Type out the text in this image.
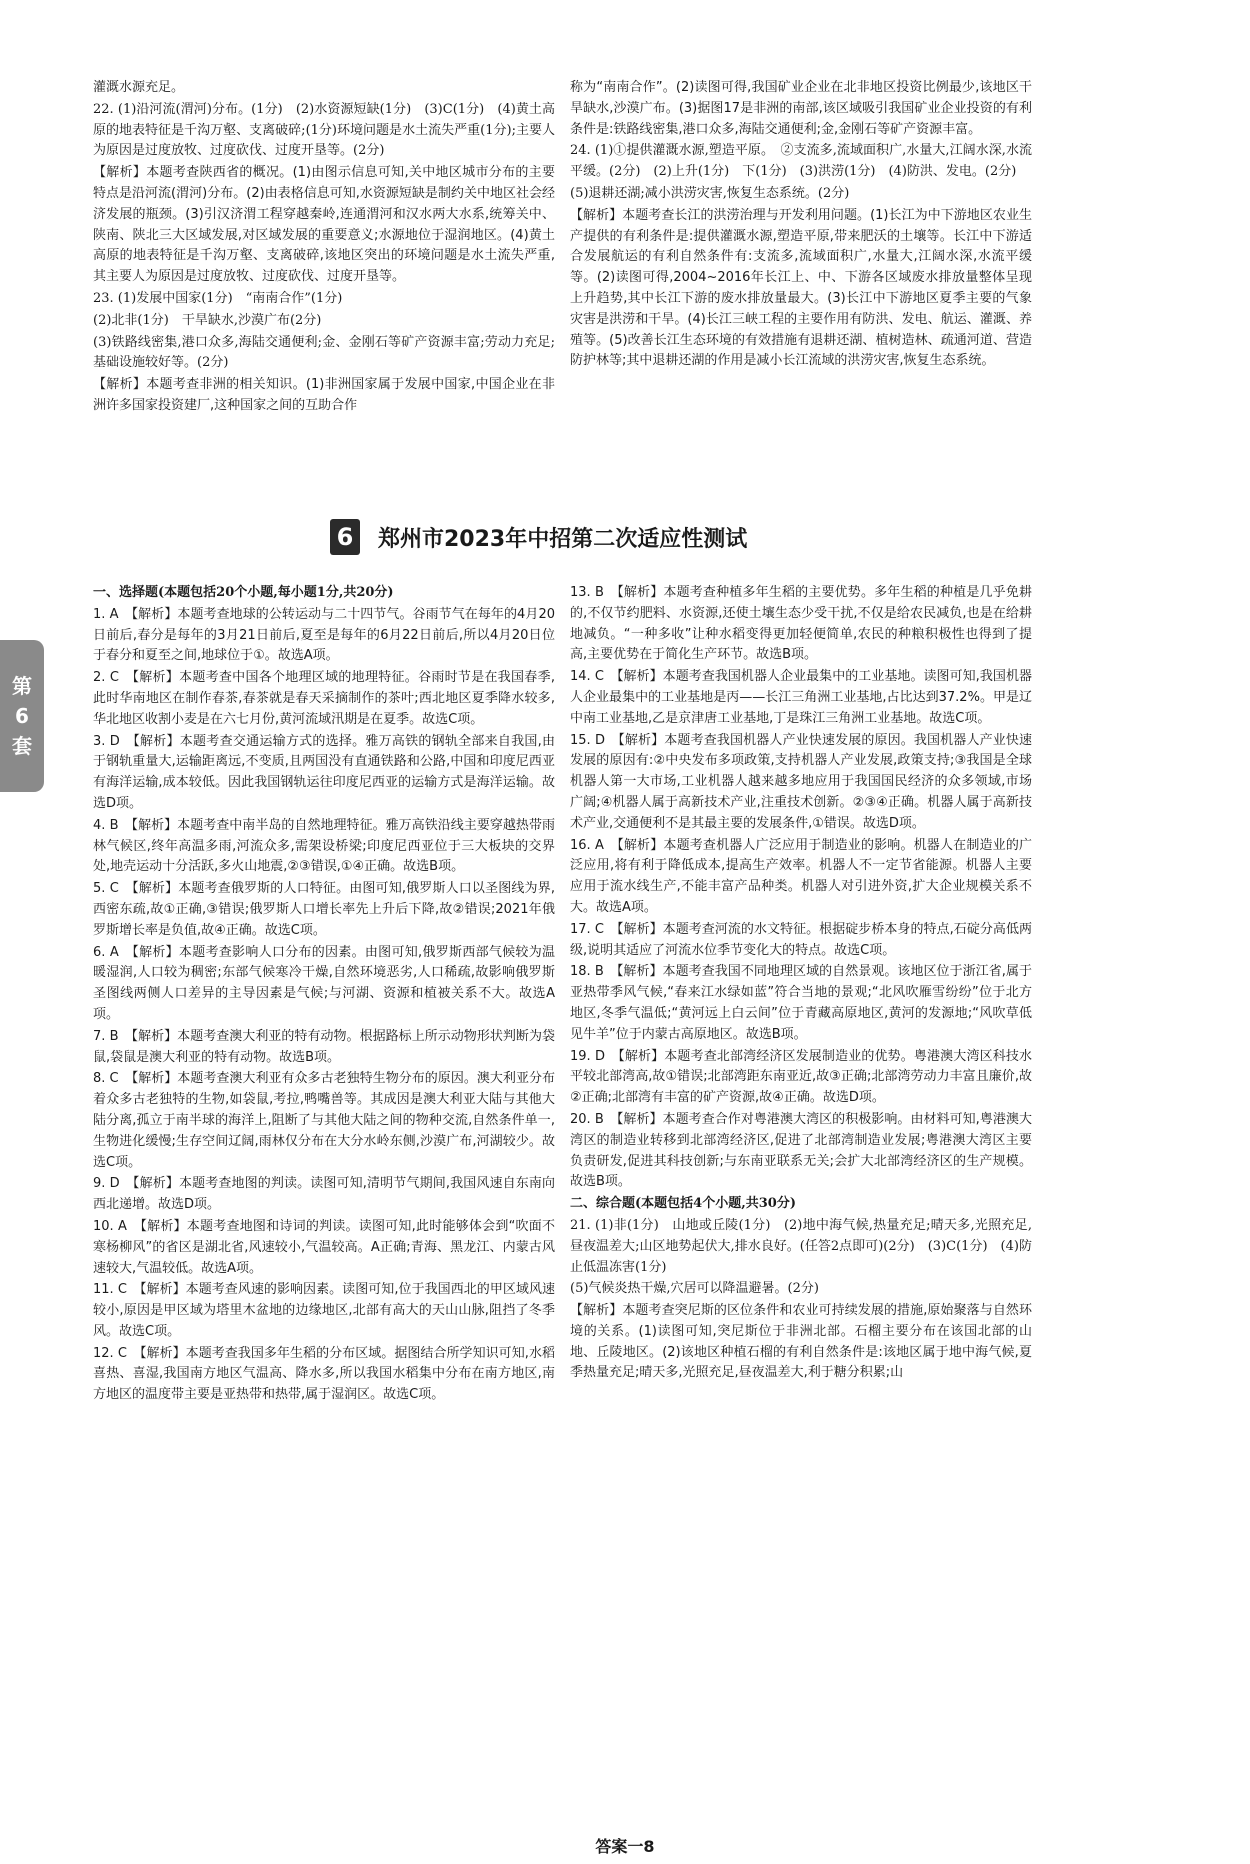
灌溉水源充足。

22. (1)沿河流(渭河)分布。(1分)　(2)水资源短缺(1分)　(3)C(1分)　(4)黄土高原的地表特征是千沟万壑、支离破碎;(1分)环境问题是水土流失严重(1分);主要人为原因是过度放牧、过度砍伐、过度开垦等。(2分)

【解析】本题考查陕西省的概况。(1)由图示信息可知,关中地区城市分布的主要特点是沿河流(渭河)分布。(2)由表格信息可知,水资源短缺是制约关中地区社会经济发展的瓶颈。(3)引汉济渭工程穿越秦岭,连通渭河和汉水两大水系,统筹关中、陕南、陕北三大区域发展,对区域发展的重要意义;水源地位于湿润地区。(4)黄土高原的地表特征是千沟万壑、支离破碎,该地区突出的环境问题是水土流失严重,其主要人为原因是过度放牧、过度砍伐、过度开垦等。

23. (1)发展中国家(1分)　“南南合作”(1分)

(2)北非(1分)　干旱缺水,沙漠广布(2分)

(3)铁路线密集,港口众多,海陆交通便利;金、金刚石等矿产资源丰富;劳动力充足;基础设施较好等。(2分)

【解析】本题考查非洲的相关知识。(1)非洲国家属于发展中国家,中国企业在非洲许多国家投资建厂,这种国家之间的互助合作

称为“南南合作”。(2)读图可得,我国矿业企业在北非地区投资比例最少,该地区干旱缺水,沙漠广布。(3)据图17是非洲的南部,该区域吸引我国矿业企业投资的有利条件是:铁路线密集,港口众多,海陆交通便利;金,金刚石等矿产资源丰富。

24. (1)①提供灌溉水源,塑造平原。　②支流多,流域面积广,水量大,江阔水深,水流平缓。(2分)　(2)上升(1分)　下(1分)　(3)洪涝(1分)　(4)防洪、发电。(2分)

(5)退耕还湖;减小洪涝灾害,恢复生态系统。(2分)

【解析】本题考查长江的洪涝治理与开发利用问题。(1)长江为中下游地区农业生产提供的有利条件是:提供灌溉水源,塑造平原,带来肥沃的土壤等。长江中下游适合发展航运的有利自然条件有:支流多,流域面积广,水量大,江阔水深,水流平缓等。(2)读图可得,2004~2016年长江上、中、下游各区域废水排放量整体呈现上升趋势,其中长江下游的废水排放量最大。(3)长江中下游地区夏季主要的气象灾害是洪涝和干旱。(4)长江三峡工程的主要作用有防洪、发电、航运、灌溉、养殖等。(5)改善长江生态环境的有效措施有退耕还湖、植树造林、疏通河道、营造防护林等;其中退耕还湖的作用是减小长江流域的洪涝灾害,恢复生态系统。

6	郑州市2023年中招第二次适应性测试
第
6
套

一、选择题(本题包括20个小题,每小题1分,共20分)

1. A　【解析】本题考查地球的公转运动与二十四节气。谷雨节气在每年的4月20日前后,春分是每年的3月21日前后,夏至是每年的6月22日前后,所以4月20日位于春分和夏至之间,地球位于①。故选A项。

2. C　【解析】本题考查中国各个地理区域的地理特征。谷雨时节是在我国春季,此时华南地区在制作春茶,春茶就是春天采摘制作的茶叶;西北地区夏季降水较多,华北地区收割小麦是在六七月份,黄河流域汛期是在夏季。故选C项。

3. D　【解析】本题考查交通运输方式的选择。雅万高铁的钢轨全部来自我国,由于钢轨重量大,运输距离远,不变质,且两国没有直通铁路和公路,中国和印度尼西亚有海洋运输,成本较低。因此我国钢轨运往印度尼西亚的运输方式是海洋运输。故选D项。

4. B　【解析】本题考查中南半岛的自然地理特征。雅万高铁沿线主要穿越热带雨林气候区,终年高温多雨,河流众多,需架设桥梁;印度尼西亚位于三大板块的交界处,地壳运动十分活跃,多火山地震,②③错误,①④正确。故选B项。

5. C　【解析】本题考查俄罗斯的人口特征。由图可知,俄罗斯人口以圣图线为界,西密东疏,故①正确,③错误;俄罗斯人口增长率先上升后下降,故②错误;2021年俄罗斯增长率是负值,故④正确。故选C项。

6. A　【解析】本题考查影响人口分布的因素。由图可知,俄罗斯西部气候较为温暖湿润,人口较为稠密;东部气候寒冷干燥,自然环境恶劣,人口稀疏,故影响俄罗斯圣图线两侧人口差异的主导因素是气候;与河湖、资源和植被关系不大。故选A项。

7. B　【解析】本题考查澳大利亚的特有动物。根据路标上所示动物形状判断为袋鼠,袋鼠是澳大利亚的特有动物。故选B项。

8. C　【解析】本题考查澳大利亚有众多古老独特生物分布的原因。澳大利亚分布着众多古老独特的生物,如袋鼠,考拉,鸭嘴兽等。其成因是澳大利亚大陆与其他大陆分离,孤立于南半球的海洋上,阻断了与其他大陆之间的物种交流,自然条件单一,生物进化缓慢;生存空间辽阔,雨林仅分布在大分水岭东侧,沙漠广布,河湖较少。故选C项。

9. D　【解析】本题考查地图的判读。读图可知,清明节气期间,我国风速自东南向西北递增。故选D项。

10. A　【解析】本题考查地图和诗词的判读。读图可知,此时能够体会到“吹面不寒杨柳风”的省区是湖北省,风速较小,气温较高。A正确;青海、黑龙江、内蒙古风速较大,气温较低。故选A项。

11. C　【解析】本题考查风速的影响因素。读图可知,位于我国西北的甲区域风速较小,原因是甲区域为塔里木盆地的边缘地区,北部有高大的天山山脉,阻挡了冬季风。故选C项。

12. C　【解析】本题考查我国多年生稻的分布区域。据图结合所学知识可知,水稻喜热、喜湿,我国南方地区气温高、降水多,所以我国水稻集中分布在南方地区,南方地区的温度带主要是亚热带和热带,属于湿润区。故选C项。

13. B　【解析】本题考查种植多年生稻的主要优势。多年生稻的种植是几乎免耕的,不仅节约肥料、水资源,还使土壤生态少受干扰,不仅是给农民减负,也是在给耕地减负。“一种多收”让种水稻变得更加轻便简单,农民的种粮积极性也得到了提高,主要优势在于简化生产环节。故选B项。

14. C　【解析】本题考查我国机器人企业最集中的工业基地。读图可知,我国机器人企业最集中的工业基地是丙——长江三角洲工业基地,占比达到37.2%。甲是辽中南工业基地,乙是京津唐工业基地,丁是珠江三角洲工业基地。故选C项。

15. D　【解析】本题考查我国机器人产业快速发展的原因。我国机器人产业快速发展的原因有:②中央发布多项政策,支持机器人产业发展,政策支持;③我国是全球机器人第一大市场,工业机器人越来越多地应用于我国国民经济的众多领域,市场广阔;④机器人属于高新技术产业,注重技术创新。②③④正确。机器人属于高新技术产业,交通便利不是其最主要的发展条件,①错误。故选D项。

16. A　【解析】本题考查机器人广泛应用于制造业的影响。机器人在制造业的广泛应用,将有利于降低成本,提高生产效率。机器人不一定节省能源。机器人主要应用于流水线生产,不能丰富产品种类。机器人对引进外资,扩大企业规模关系不大。故选A项。

17. C　【解析】本题考查河流的水文特征。根据碇步桥本身的特点,石碇分高低两级,说明其适应了河流水位季节变化大的特点。故选C项。

18. B　【解析】本题考查我国不同地理区域的自然景观。该地区位于浙江省,属于亚热带季风气候,“春来江水绿如蓝”符合当地的景观;“北风吹雁雪纷纷”位于北方地区,冬季气温低;“黄河远上白云间”位于青藏高原地区,黄河的发源地;“风吹草低见牛羊”位于内蒙古高原地区。故选B项。

19. D　【解析】本题考查北部湾经济区发展制造业的优势。粤港澳大湾区科技水平较北部湾高,故①错误;北部湾距东南亚近,故③正确;北部湾劳动力丰富且廉价,故②正确;北部湾有丰富的矿产资源,故④正确。故选D项。

20. B　【解析】本题考查合作对粤港澳大湾区的积极影响。由材料可知,粤港澳大湾区的制造业转移到北部湾经济区,促进了北部湾制造业发展;粤港澳大湾区主要负责研发,促进其科技创新;与东南亚联系无关;会扩大北部湾经济区的生产规模。故选B项。

二、综合题(本题包括4个小题,共30分)

21. (1)非(1分)　山地或丘陵(1分)　(2)地中海气候,热量充足;晴天多,光照充足,昼夜温差大;山区地势起伏大,排水良好。(任答2点即可)(2分)　(3)C(1分)　(4)防止低温冻害(1分)

(5)气候炎热干燥,穴居可以降温避暑。(2分)

【解析】本题考查突尼斯的区位条件和农业可持续发展的措施,原始聚落与自然环境的关系。(1)读图可知,突尼斯位于非洲北部。石榴主要分布在该国北部的山地、丘陵地区。(2)该地区种植石榴的有利自然条件是:该地区属于地中海气候,夏季热量充足;晴天多,光照充足,昼夜温差大,利于糖分积累;山

答案一8
